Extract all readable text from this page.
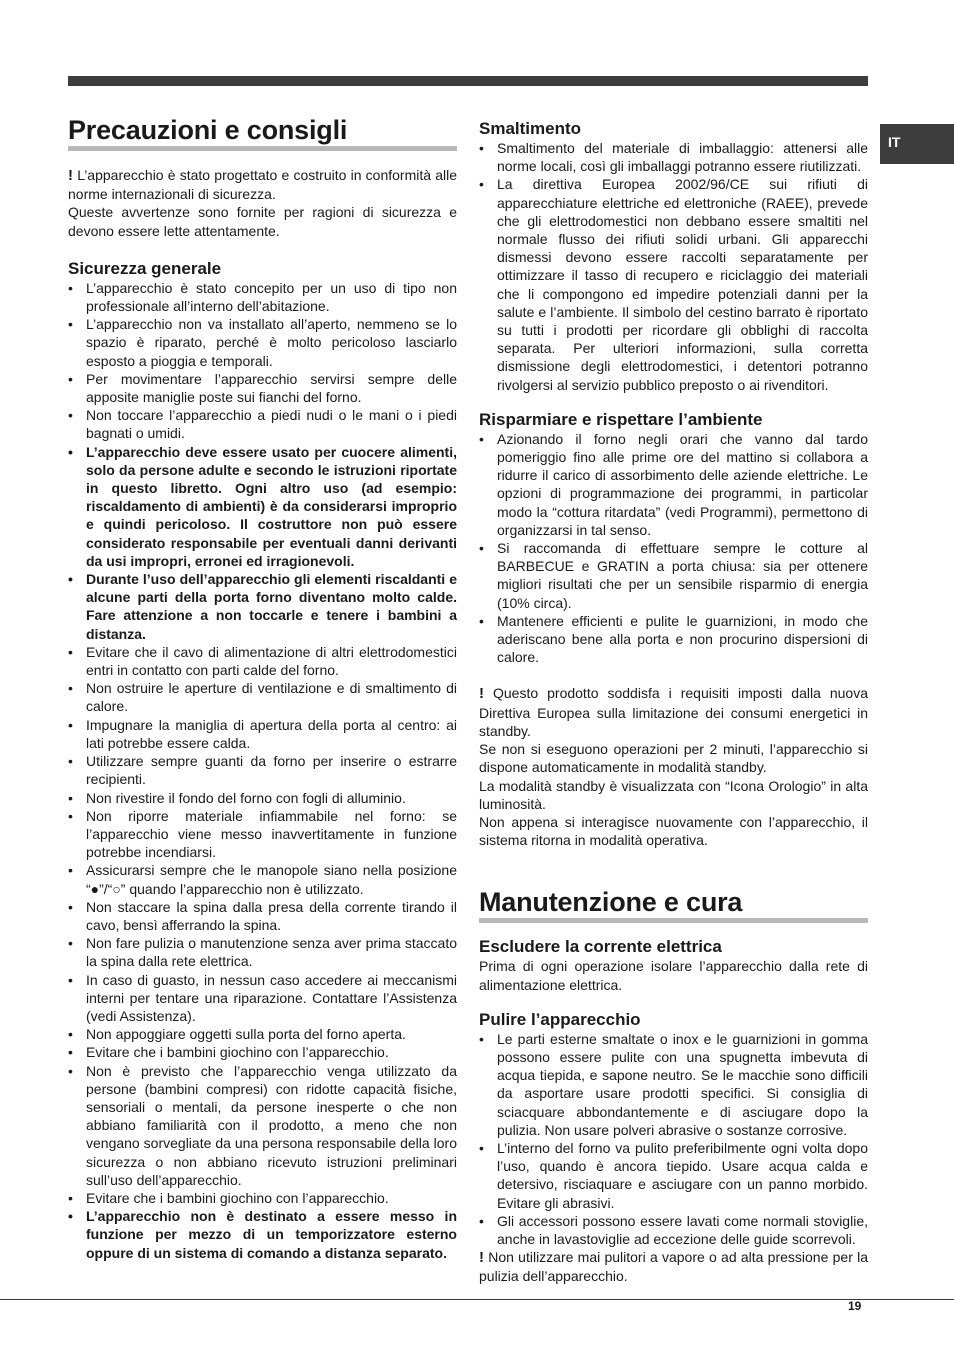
IT
Precauzioni e consigli

! L’apparecchio è stato progettato e costruito in conformità alle norme internazionali di sicurezza.

Queste avvertenze sono fornite per ragioni di sicurezza e devono essere lette attentamente.

Sicurezza generale
• L’apparecchio è stato concepito per un uso di tipo non professionale all’interno dell’abitazione.
• L’apparecchio non va installato all’aperto, nemmeno se lo spazio è riparato, perché è molto pericoloso lasciarlo esposto a pioggia e temporali.
• Per movimentare l’apparecchio servirsi sempre delle apposite maniglie poste sui fianchi del forno.
• Non toccare l’apparecchio a piedi nudi o le mani o i piedi bagnati o umidi.
• L’apparecchio deve essere usato per cuocere alimenti, solo da persone adulte e secondo le istruzioni riportate in questo libretto. Ogni altro uso (ad esempio: riscaldamento di ambienti) è da considerarsi improprio e quindi pericoloso. Il costruttore non può essere considerato responsabile per eventuali danni derivanti da usi impropri, erronei ed irragionevoli.
• Durante l’uso dell’apparecchio gli elementi riscaldanti e alcune parti della porta forno diventano molto calde. Fare attenzione a non toccarle e tenere i bambini a distanza.
• Evitare che il cavo di alimentazione di altri elettrodomestici entri in contatto con parti calde del forno.
• Non ostruire le aperture di ventilazione e di smaltimento di calore.
• Impugnare la maniglia di apertura della porta al centro: ai lati potrebbe essere calda.
• Utilizzare sempre guanti da forno per inserire o estrarre recipienti.
• Non rivestire il fondo del forno con fogli di alluminio.
• Non riporre materiale infiammabile nel forno: se l’apparecchio viene messo inavvertitamente in funzione potrebbe incendiarsi.
• Assicurarsi sempre che le manopole siano nella posizione “●”/“○” quando l’apparecchio non è utilizzato.
• Non staccare la spina dalla presa della corrente tirando il cavo, bensì afferrando la spina.
• Non fare pulizia o manutenzione senza aver prima staccato la spina dalla rete elettrica.
• In caso di guasto, in nessun caso accedere ai meccanismi interni per tentare una riparazione. Contattare l’Assistenza (vedi Assistenza).
• Non appoggiare oggetti sulla porta del forno aperta.
• Evitare che i bambini giochino con l’apparecchio.
• Non è previsto che l’apparecchio venga utilizzato da persone (bambini compresi) con ridotte capacità fisiche, sensoriali o mentali, da persone inesperte o che non abbiano familiarità con il prodotto, a meno che non vengano sorvegliate da una persona responsabile della loro sicurezza o non abbiano ricevuto istruzioni preliminari sull’uso dell’apparecchio.
• Evitare che i bambini giochino con l’apparecchio.
• L’apparecchio non è destinato a essere messo in funzione per mezzo di un temporizzatore esterno oppure di un sistema di comando a distanza separato.
Smaltimento
• Smaltimento del materiale di imballaggio: attenersi alle norme locali, così gli imballaggi potranno essere riutilizzati.
• La direttiva Europea 2002/96/CE sui rifiuti di apparecchiature elettriche ed elettroniche (RAEE), prevede che gli elettrodomestici non debbano essere smaltiti nel normale flusso dei rifiuti solidi urbani. Gli apparecchi dismessi devono essere raccolti separatamente per ottimizzare il tasso di recupero e riciclaggio dei materiali che li compongono ed impedire potenziali danni per la salute e l’ambiente. Il simbolo del cestino barrato è riportato su tutti i prodotti per ricordare gli obblighi di raccolta separata. Per ulteriori informazioni, sulla corretta dismissione degli elettrodomestici, i detentori potranno rivolgersi al servizio pubblico preposto o ai rivenditori.
Risparmiare e rispettare l’ambiente
• Azionando il forno negli orari che vanno dal tardo pomeriggio fino alle prime ore del mattino si collabora a ridurre il carico di assorbimento delle aziende elettriche. Le opzioni di programmazione dei programmi, in particolar modo la “cottura ritardata” (vedi Programmi), permettono di organizzarsi in tal senso.
• Si raccomanda di effettuare sempre le cotture al BARBECUE e GRATIN a porta chiusa: sia per ottenere migliori risultati che per un sensibile risparmio di energia (10% circa).
• Mantenere efficienti e pulite le guarnizioni, in modo che aderiscano bene alla porta e non procurino dispersioni di calore.

! Questo prodotto soddisfa i requisiti imposti dalla nuova Direttiva Europea sulla limitazione dei consumi energetici in standby.

Se non si eseguono operazioni per 2 minuti, l’apparecchio si dispone automaticamente in modalità standby.

La modalità standby è visualizzata con “Icona Orologio” in alta luminosità.

Non appena si interagisce nuovamente con l’apparecchio, il sistema ritorna in modalità operativa.

Manutenzione e cura
Escludere la corrente elettrica

Prima di ogni operazione isolare l’apparecchio dalla rete di alimentazione elettrica.

Pulire l’apparecchio
• Le parti esterne smaltate o inox e le guarnizioni in gomma possono essere pulite con una spugnetta imbevuta di acqua tiepida, e sapone neutro. Se le macchie sono difficili da asportare usare prodotti specifici. Si consiglia di sciacquare abbondantemente e di asciugare dopo la pulizia. Non usare polveri abrasive o sostanze corrosive.
• L’interno del forno va pulito preferibilmente ogni volta dopo l’uso, quando è ancora tiepido. Usare acqua calda e detersivo, risciaquare e asciugare con un panno morbido. Evitare gli abrasivi.
• Gli accessori possono essere lavati come normali stoviglie, anche in lavastoviglie ad eccezione delle guide scorrevoli.

! Non utilizzare mai pulitori a vapore o ad alta pressione per la pulizia dell’apparecchio.

19
